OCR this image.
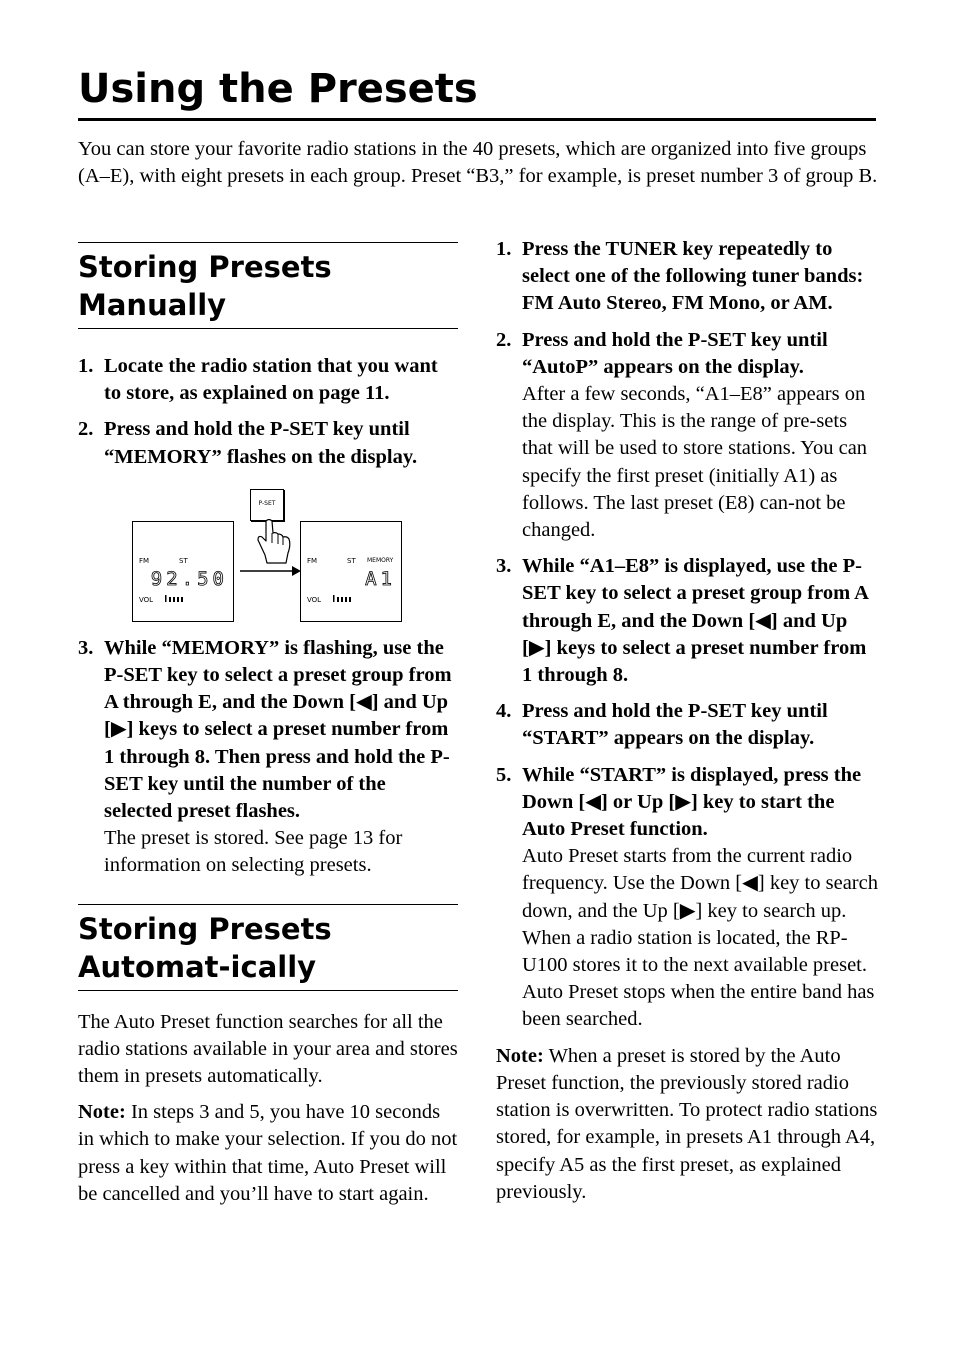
Using the Presets

You can store your favorite radio stations in the 40 presets, which are organized into five groups (A–E), with eight presets in each group. Preset “B3,” for example, is preset number 3 of group B.

Storing Presets Manually
1. Locate the radio station that you want to store, as explained on page 11.
2. Press and hold the P-SET key until “MEMORY” flashes on the display.
P-SET
FM	ST
92.50
VOL
FM	ST MEMORY
A1
VOL
3. While “MEMORY” is flashing, use the P-SET key to select a preset group from A through E, and the Down [◀] and Up [▶] keys to select a preset number from 1 through 8. Then press and hold the P-SET key until the number of the selected preset flashes.
The preset is stored. See page 13 for information on selecting presets.
Storing Presets Automat-ically

The Auto Preset function searches for all the radio stations available in your area and stores them in presets automatically.

Note: In steps 3 and 5, you have 10 seconds in which to make your selection. If you do not press a key within that time, Auto Preset will be cancelled and you’ll have to start again.

1. Press the TUNER key repeatedly to select one of the following tuner bands: FM Auto Stereo, FM Mono, or AM.
2. Press and hold the P-SET key until “AutoP” appears on the display.
After a few seconds, “A1–E8” appears on the display. This is the range of pre-sets that will be used to store stations. You can specify the first preset (initially A1) as follows. The last preset (E8) can-not be changed.
3. While “A1–E8” is displayed, use the P-SET key to select a preset group from A through E, and the Down [◀] and Up [▶] keys to select a preset number from 1 through 8.
4. Press and hold the P-SET key until “START” appears on the display.
5. While “START” is displayed, press the Down [◀] or Up [▶] key to start the Auto Preset function.
Auto Preset starts from the current radio frequency. Use the Down [◀] key to search down, and the Up [▶] key to search up. When a radio station is located, the RP-U100 stores it to the next available preset. Auto Preset stops when the entire band has been searched.

Note: When a preset is stored by the Auto Preset function, the previously stored radio station is overwritten. To protect radio stations stored, for example, in presets A1 through A4, specify A5 as the first preset, as explained previously.
